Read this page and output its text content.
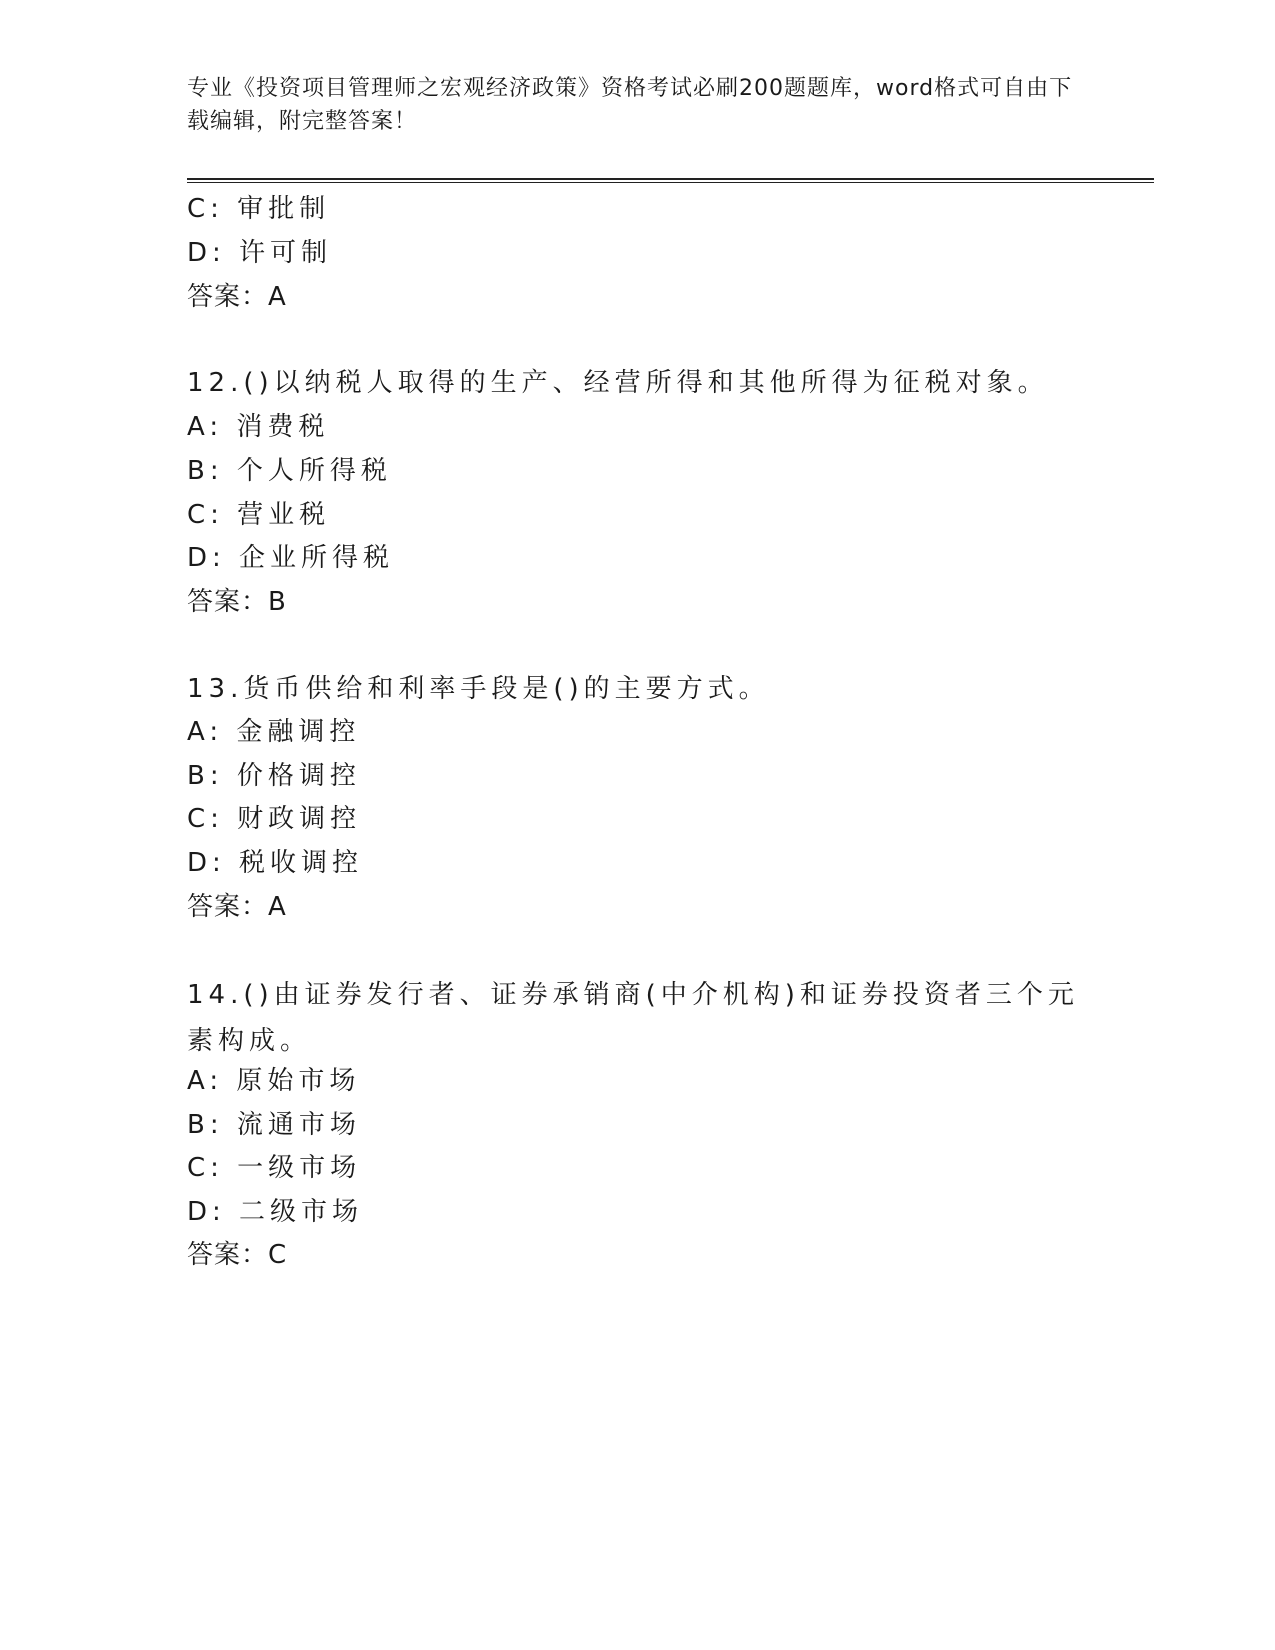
专业《投资项目管理师之宏观经济政策》资格考试必刷200题题库，word格式可自由下载编辑，附完整答案！
C: 审批制
D: 许可制
答案：A
12.()以纳税人取得的生产、经营所得和其他所得为征税对象。
A: 消费税
B: 个人所得税
C: 营业税
D: 企业所得税
答案：B
13.货币供给和利率手段是()的主要方式。
A: 金融调控
B: 价格调控
C: 财政调控
D: 税收调控
答案：A
14.()由证券发行者、证券承销商(中介机构)和证券投资者三个元素构成。
A: 原始市场
B: 流通市场
C: 一级市场
D: 二级市场
答案：C
